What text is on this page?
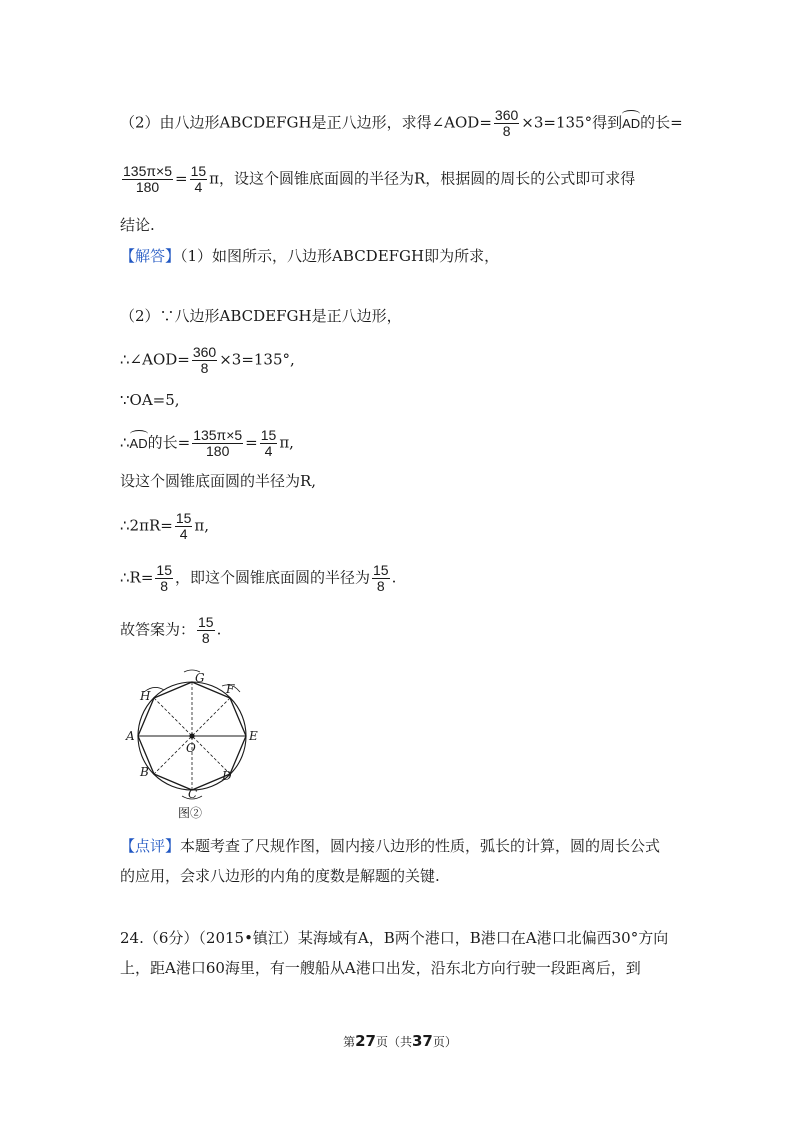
（2）由八边形ABCDEFGH是正八边形，求得∠AOD= $\frac{360}{8} \times 3=135^\circ$得到AD的长=
$\frac{135\pi\times 5}{180} = \frac{15}{4}$ π，设这个圆锥底面圆的半径为R，根据圆的周长的公式即可求得
结论.
【解答】（1）如图所示，八边形ABCDEFGH即为所求，
（2）∵八边形ABCDEFGH是正八边形，
∴∠AOD= $\frac{360}{8} \times 3=135^\circ$,
∵OA=5,
∴AD的长= $\frac{135\pi\times 5}{180} = \frac{15}{4} \pi$,
设这个圆锥底面圆的半径为R,
∴2πR= $\frac{15}{4} \pi$,
∴R= $\frac{15}{8}$ ，即这个圆锥底面圆的半径为 $\frac{15}{8}$ .
故答案为： $\frac{15}{8}$ .
H
G
F
A	E
O
B	D
C
图②
【点评】本题考查了尺规作图，圆内接八边形的性质，弧长的计算，圆的周长公式
的应用，会求八边形的内角的度数是解题的关键.
24.（6分）（2015•镇江）某海域有A，B两个港口，B港口在A港口北偏西30°方向
上，距A港口60海里，有一艘船从A港口出发，沿东北方向行驶一段距离后，到
第27页（共37页）
